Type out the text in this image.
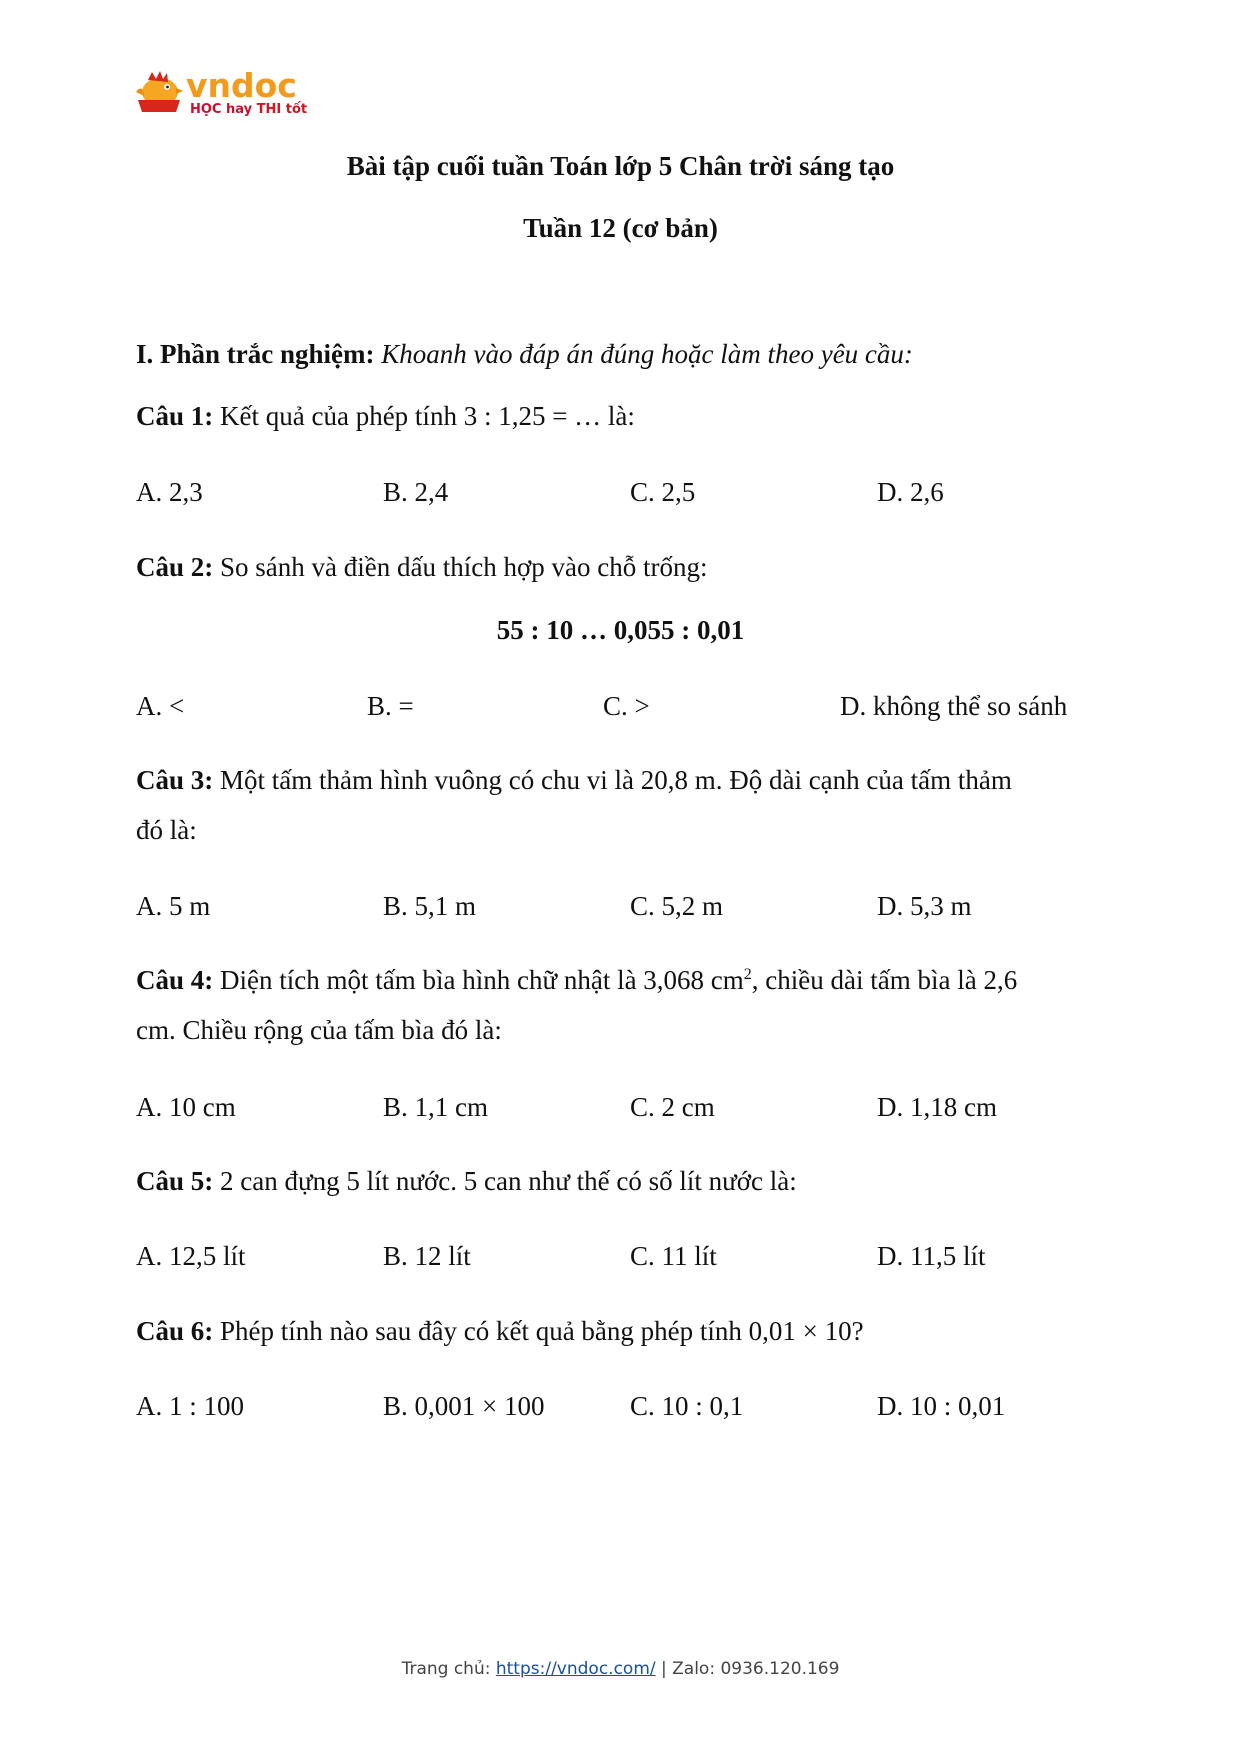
vndoc
HỌC hay THI tốt
Bài tập cuối tuần Toán lớp 5 Chân trời sáng tạo
Tuần 12 (cơ bản)
I. Phần trắc nghiệm: Khoanh vào đáp án đúng hoặc làm theo yêu cầu:
Câu 1: Kết quả của phép tính 3 : 1,25 = … là:
A. 2,3	B. 2,4	C. 2,5	D. 2,6
Câu 2: So sánh và điền dấu thích hợp vào chỗ trống:
55 : 10 … 0,055 : 0,01
A. <	B. =	C. >	D. không thể so sánh
Câu 3: Một tấm thảm hình vuông có chu vi là 20,8 m. Độ dài cạnh của tấm thảm
đó là:
A. 5 m	B. 5,1 m	C. 5,2 m	D. 5,3 m
Câu 4: Diện tích một tấm bìa hình chữ nhật là 3,068 $cm^2$, chiều dài tấm bìa là 2,6
cm. Chiều rộng của tấm bìa đó là:
A. 10 cm	B. 1,1 cm	C. 2 cm	D. 1,18 cm
Câu 5: 2 can đựng 5 lít nước. 5 can như thế có số lít nước là:
A. 12,5 lít	B. 12 lít	C. 11 lít	D. 11,5 lít
Câu 6: Phép tính nào sau đây có kết quả bằng phép tính 0,01 × 10?
A. 1 : 100	B. 0,001 × 100	C. 10 : 0,1	D. 10 : 0,01
Trang chủ: https://vndoc.com/ | Zalo: 0936.120.169
